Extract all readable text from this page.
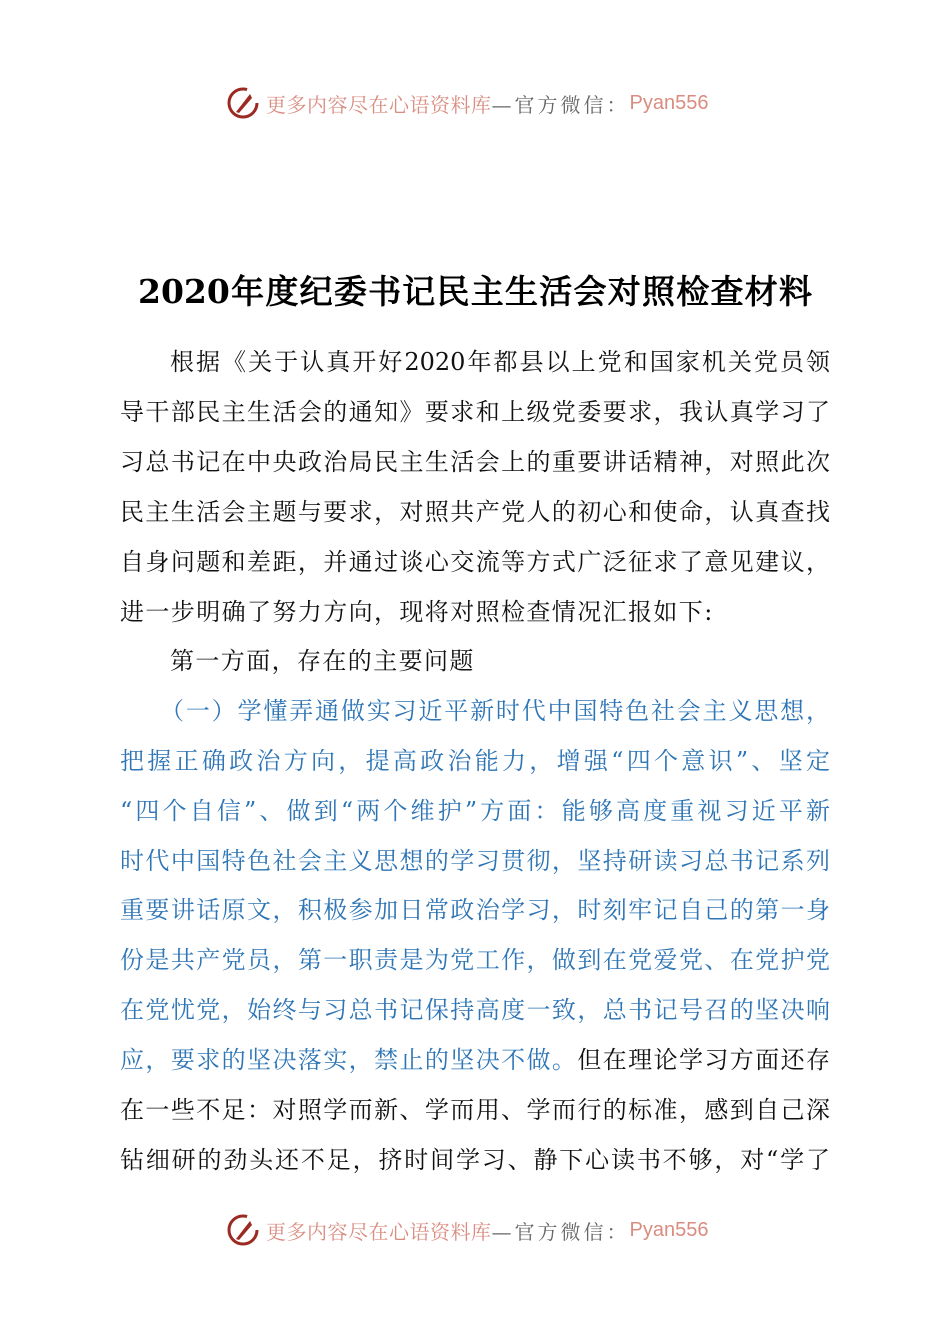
更多内容尽在心语资料库 —官方微信： Pyan556
2020年度纪委书记民主生活会对照检查材料
根据《关于认真开好2020年都县以上党和国家机关党员领
导干部民主生活会的通知》要求和上级党委要求，我认真学习了
习总书记在中央政治局民主生活会上的重要讲话精神，对照此次
民主生活会主题与要求，对照共产党人的初心和使命，认真查找
自身问题和差距，并通过谈心交流等方式广泛征求了意见建议，
进一步明确了努力方向，现将对照检查情况汇报如下:
第一方面，存在的主要问题
（一）学懂弄通做实习近平新时代中国特色社会主义思想，
把握正确政治方向，提高政治能力，增强“四个意识”、坚定
“四个自信”、做到“两个维护”方面：能够高度重视习近平新
时代中国特色社会主义思想的学习贯彻，坚持研读习总书记系列
重要讲话原文，积极参加日常政治学习，时刻牢记自己的第一身
份是共产党员，第一职责是为党工作，做到在党爱党、在党护党
在党忧党，始终与习总书记保持高度一致，总书记号召的坚决响
应，要求的坚决落实，禁止的坚决不做。但在理论学习方面还存
在一些不足：对照学而新、学而用、学而行的标准，感到自己深
钻细研的劲头还不足，挤时间学习、静下心读书不够，对“学了
更多内容尽在心语资料库 —官方微信： Pyan556
